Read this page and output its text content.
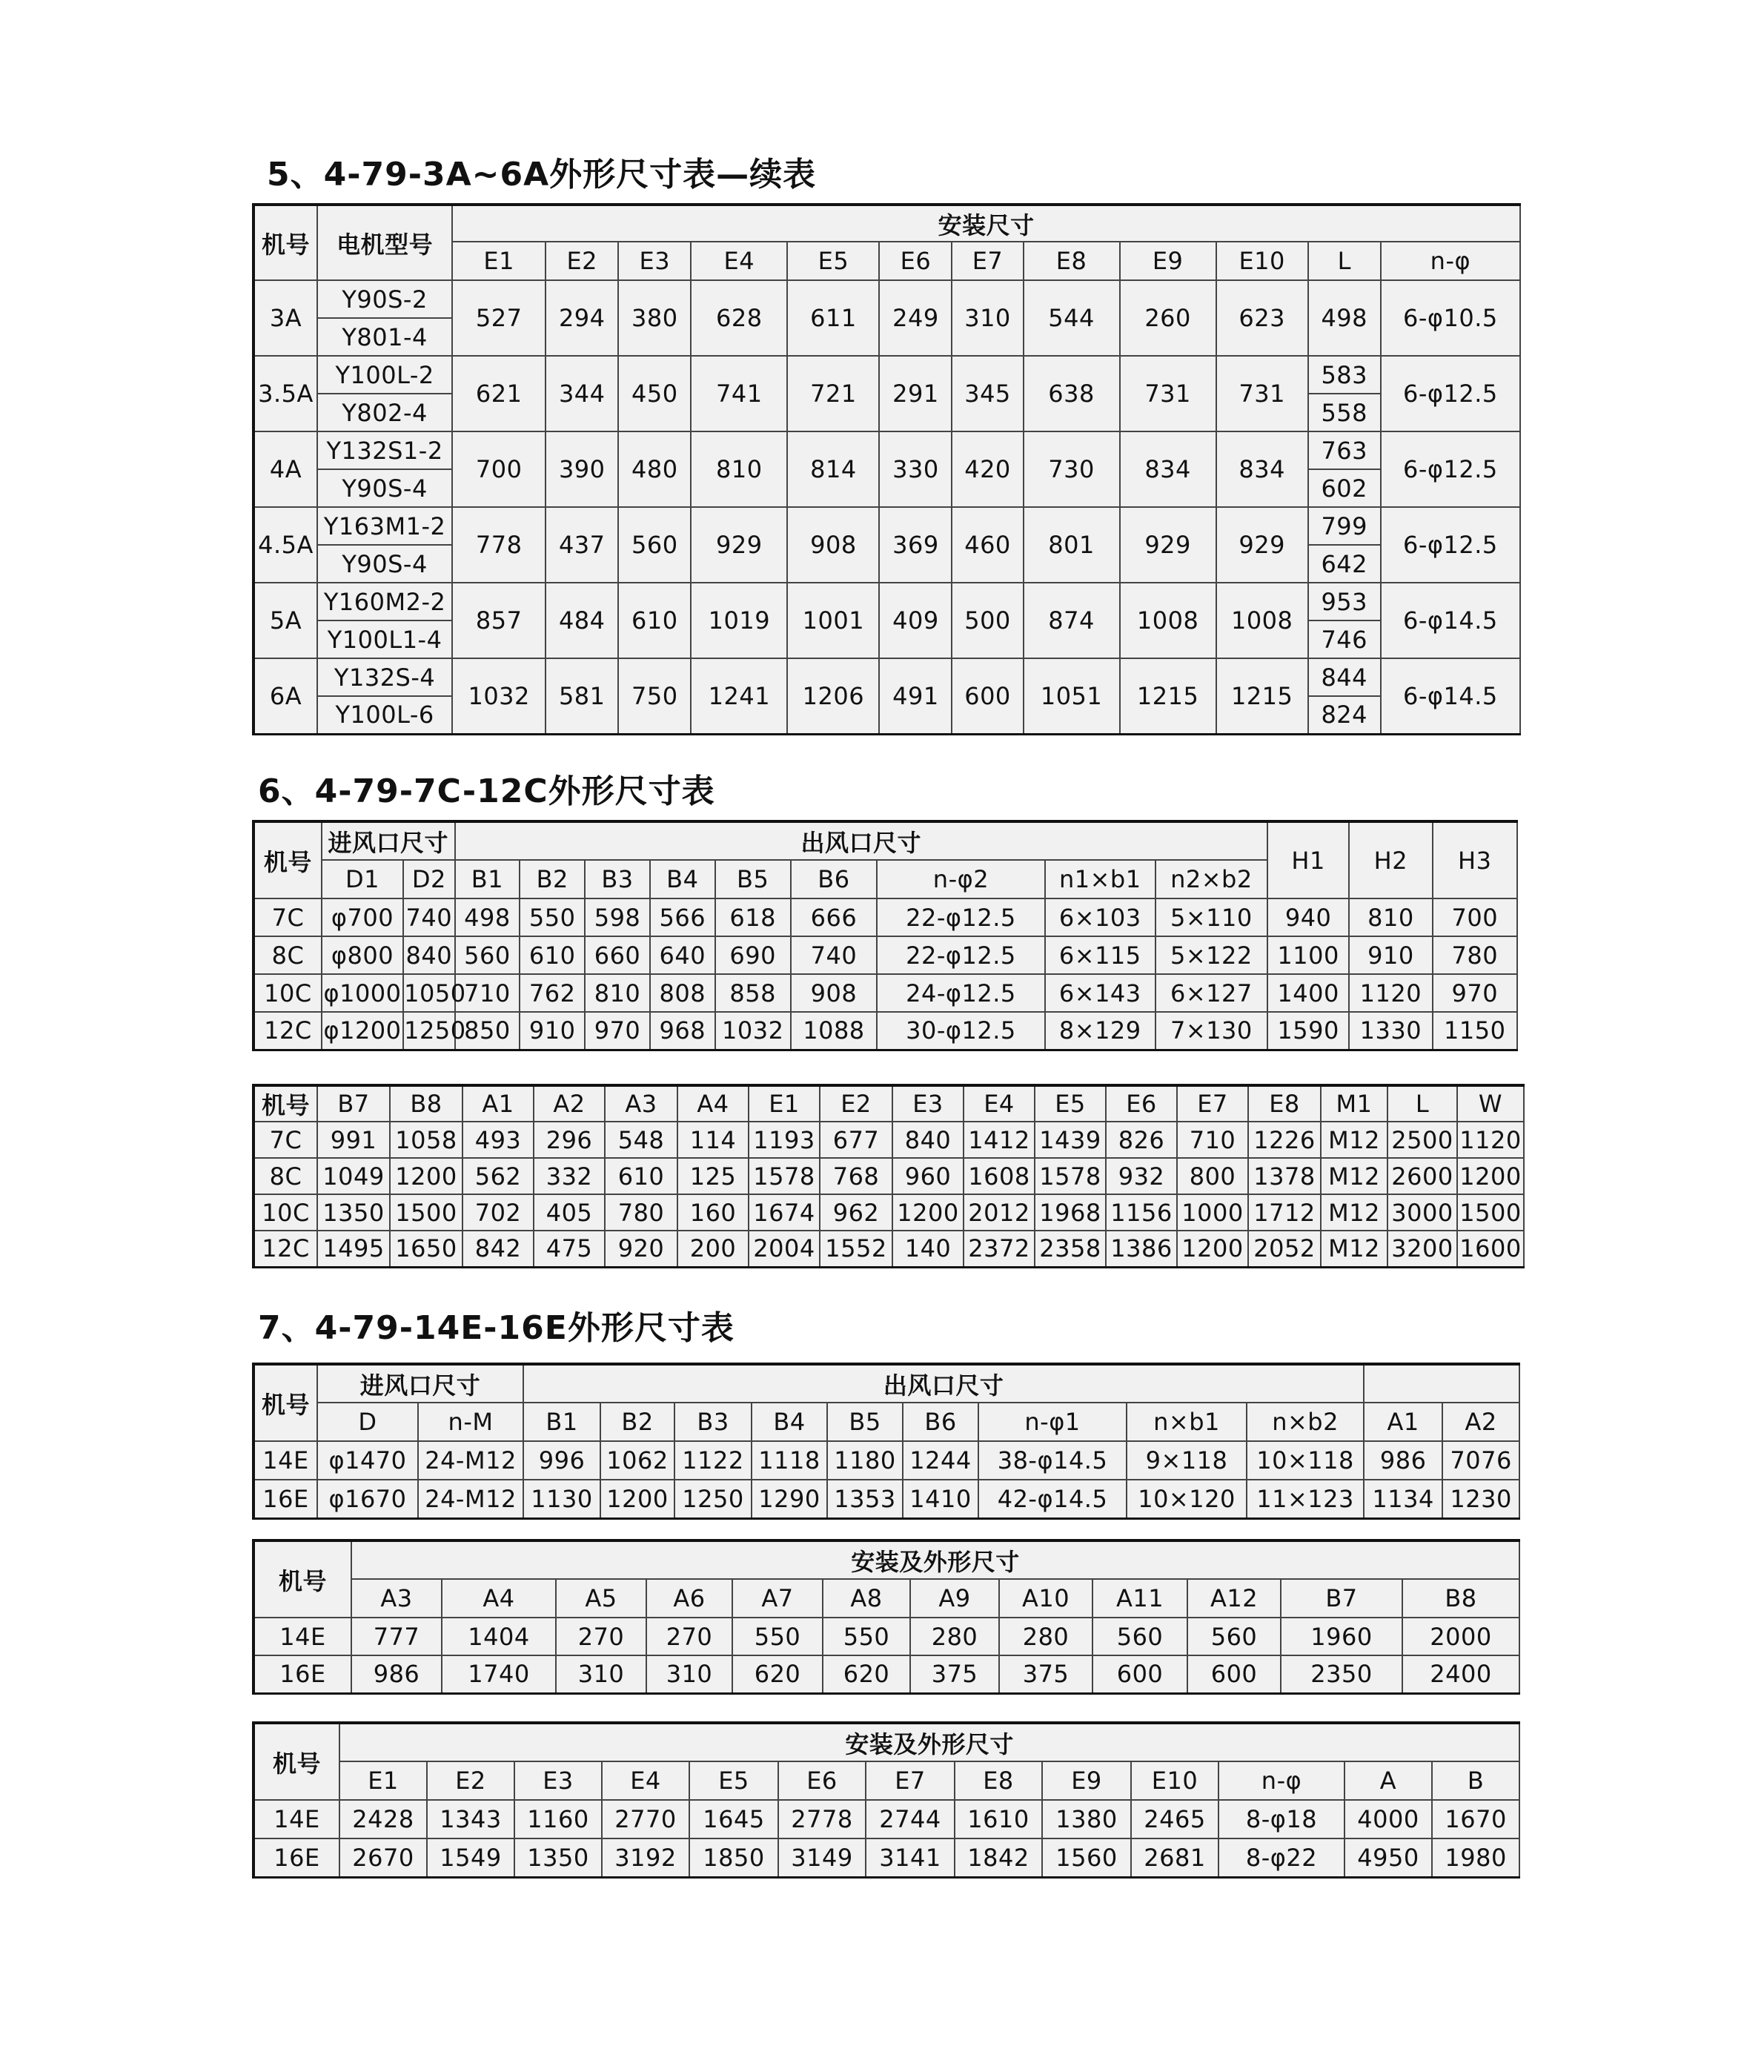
5、4-79-3A~6A外形尺寸表—续表
机号	电机型号	安装尺寸											
		E1	E2	E3	E4	E5	E6	E7	E8	E9	E10	L	n-φ
3A	Y90S-2	527	294	380	628	611	249	310	544	260	623	498	6-φ10.5
	Y801-4												
3.5A	Y100L-2	621	344	450	741	721	291	345	638	731	731	583	6-φ12.5
	Y802-4											558	
4A	Y132S1-2	700	390	480	810	814	330	420	730	834	834	763	6-φ12.5
	Y90S-4											602	
4.5A	Y163M1-2	778	437	560	929	908	369	460	801	929	929	799	6-φ12.5
	Y90S-4											642	
5A	Y160M2-2	857	484	610	1019	1001	409	500	874	1008	1008	953	6-φ14.5
	Y100L1-4											746	
6A	Y132S-4	1032	581	750	1241	1206	491	600	1051	1215	1215	844	6-φ14.5
	Y100L-6											824	
6、4-79-7C-12C外形尺寸表
机号	进风口尺寸		出风口尺寸									H1	H2	H3
	D1	D2	B1	B2	B3	B4	B5	B6	n-φ2	n1×b1	n2×b2			
7C	φ700	740	498	550	598	566	618	666	22-φ12.5	6×103	5×110	940	810	700
8C	φ800	840	560	610	660	640	690	740	22-φ12.5	6×115	5×122	1100	910	780
10C	φ1000	1050	710	762	810	808	858	908	24-φ12.5	6×143	6×127	1400	1120	970
12C	φ1200	1250	850	910	970	968	1032	1088	30-φ12.5	8×129	7×130	1590	1330	1150
机号	B7	B8	A1	A2	A3	A4	E1	E2	E3	E4	E5	E6	E7	E8	M1	L	W
7C	991	1058	493	296	548	114	1193	677	840	1412	1439	826	710	1226	M12	2500	1120
8C	1049	1200	562	332	610	125	1578	768	960	1608	1578	932	800	1378	M12	2600	1200
10C	1350	1500	702	405	780	160	1674	962	1200	2012	1968	1156	1000	1712	M12	3000	1500
12C	1495	1650	842	475	920	200	2004	1552	140	2372	2358	1386	1200	2052	M12	3200	1600
7、4-79-14E-16E外形尺寸表
机号	进风口尺寸		出风口尺寸										
	D	n-M	B1	B2	B3	B4	B5	B6	n-φ1	n×b1	n×b2	A1	A2
14E	φ1470	24-M12	996	1062	1122	1118	1180	1244	38-φ14.5	9×118	10×118	986	7076
16E	φ1670	24-M12	1130	1200	1250	1290	1353	1410	42-φ14.5	10×120	11×123	1134	1230
机号	安装及外形尺寸											
	A3	A4	A5	A6	A7	A8	A9	A10	A11	A12	B7	B8
14E	777	1404	270	270	550	550	280	280	560	560	1960	2000
16E	986	1740	310	310	620	620	375	375	600	600	2350	2400
机号	安装及外形尺寸												
	E1	E2	E3	E4	E5	E6	E7	E8	E9	E10	n-φ	A	B
14E	2428	1343	1160	2770	1645	2778	2744	1610	1380	2465	8-φ18	4000	1670
16E	2670	1549	1350	3192	1850	3149	3141	1842	1560	2681	8-φ22	4950	1980
